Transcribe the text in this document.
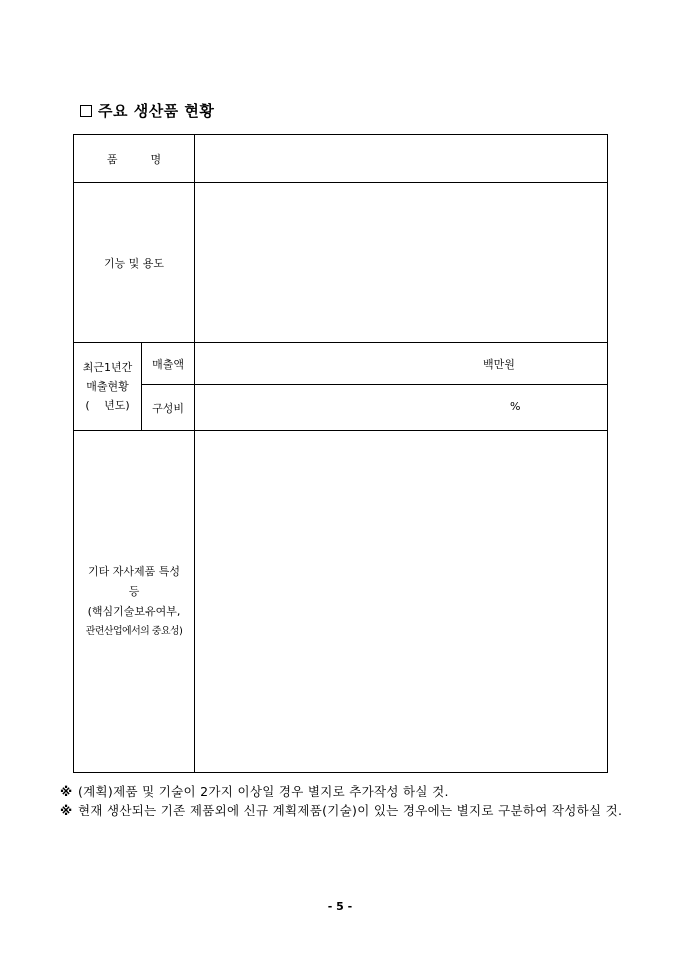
주요 생산품 현황
품　　　명		
기능 및 용도		

최근1년간
매출현황
(　 년도)	매출액	백만원

	구성비	%

기타 자사제품 특성
등
(핵심기술보유여부,
관련산업에서의 중요성)		

※ (계획)제품 및 기술이 2가지 이상일 경우 별지로 추가작성 하실 것.
※ 현재 생산되는 기존 제품외에 신규 계획제품(기술)이 있는 경우에는 별지로 구분하여 작성하실 것.
- 5 -
